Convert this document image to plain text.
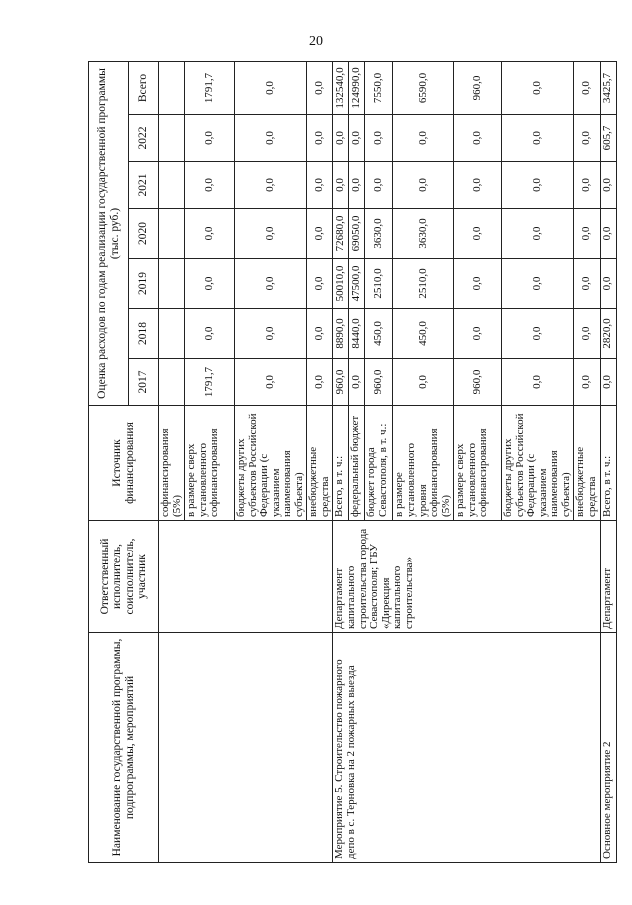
20
Наименование государственной программы, подпрограммы, мероприятий	Ответственный исполнитель, соисполнитель, участник	Источник финансирования	Оценка расходов по годам реализации государственной программы (тыс. руб.)						
			2017	2018	2019	2020	2021	2022	Всего
		софинансирования (5%)							
		в размере сверх установленного софинансирования	1791,7	0,0	0,0	0,0	0,0	0,0	1791,7
		бюджеты других субъектов Российской Федерации (с указанием наименования субъекта)	0,0	0,0	0,0	0,0	0,0	0,0	0,0
		внебюджетные средства	0,0	0,0	0,0	0,0	0,0	0,0	0,0
Мероприятие 5. Строительство пожарного депо в с. Терновка на 2 пожарных выезда	Департамент капитального строительства города Севастополя; ГБУ «Дирекция капитального строительства»	Всего, в т. ч.:	960,0	8890,0	50010,0	72680,0	0,0	0,0	132540,0
		федеральный бюджет	0,0	8440,0	47500,0	69050,0	0,0	0,0	124990,0
		бюджет города Севастополя, в т. ч.:	960,0	450,0	2510,0	3630,0	0,0	0,0	7550,0
		в размере установленного уровня софинансирования (5%)	0,0	450,0	2510,0	3630,0	0,0	0,0	6590,0
		в размере сверх установленного софинансирования	960,0	0,0	0,0	0,0	0,0	0,0	960,0
		бюджеты других субъектов Российской Федерации (с указанием наименования субъекта)	0,0	0,0	0,0	0,0	0,0	0,0	0,0
		внебюджетные средства	0,0	0,0	0,0	0,0	0,0	0,0	0,0
Основное мероприятие 2	Департамент	Всего, в т. ч.:	0,0	2820,0	0,0	0,0	0,0	605,7	3425,7
